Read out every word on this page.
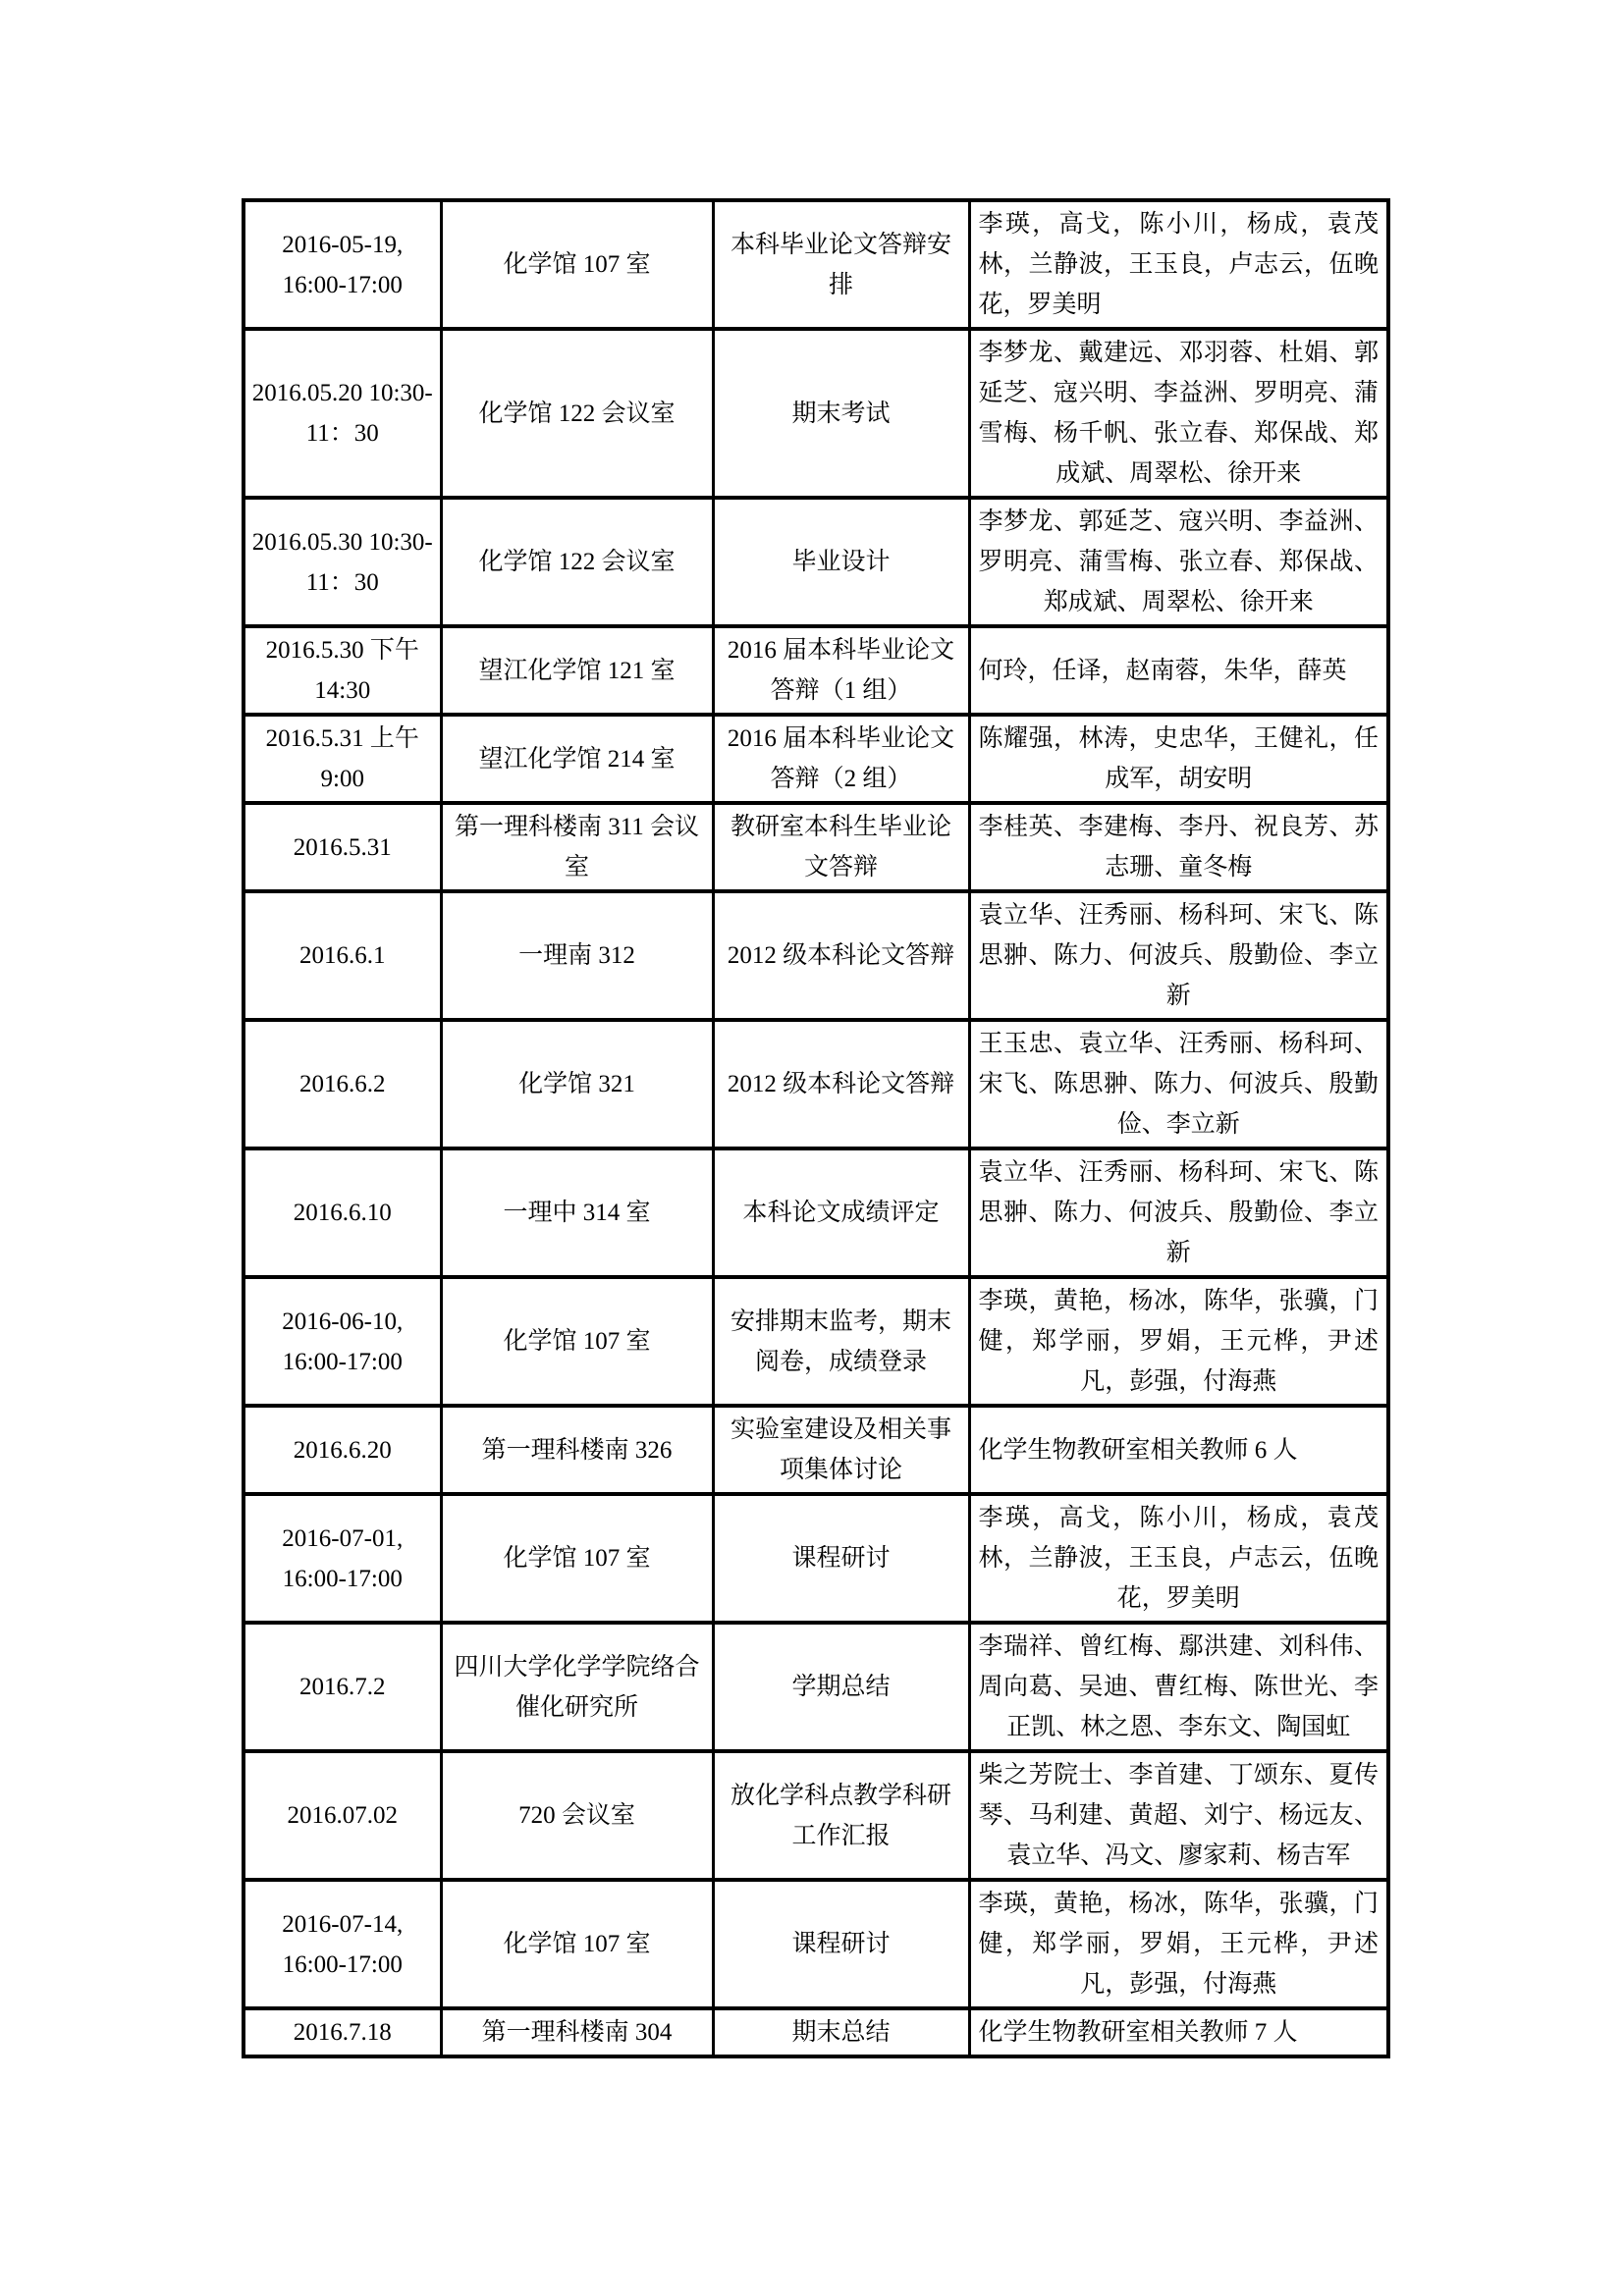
2016-05-19, 16:00-17:00	化学馆 107 室	本科毕业论文答辩安排	李瑛，高戈，陈小川，杨成，袁茂林，兰静波，王玉良，卢志云，伍晚花，罗美明
2016.05.20 10:30-11：30	化学馆 122 会议室	期末考试	李梦龙、戴建远、邓羽蓉、杜娟、郭延芝、寇兴明、李益洲、罗明亮、蒲雪梅、杨千帆、张立春、郑保战、郑成斌、周翠松、徐开来
2016.05.30 10:30-11：30	化学馆 122 会议室	毕业设计	李梦龙、郭延芝、寇兴明、李益洲、罗明亮、蒲雪梅、张立春、郑保战、郑成斌、周翠松、徐开来
2016.5.30 下午 14:30	望江化学馆 121 室	2016 届本科毕业论文答辩（1 组）	何玲，任译，赵南蓉，朱华，薛英
2016.5.31 上午 9:00	望江化学馆 214 室	2016 届本科毕业论文答辩（2 组）	陈耀强，林涛，史忠华，王健礼，任成军，胡安明
2016.5.31	第一理科楼南 311 会议室	教研室本科生毕业论文答辩	李桂英、李建梅、李丹、祝良芳、苏志珊、童冬梅
2016.6.1	一理南 312	2012 级本科论文答辩	袁立华、汪秀丽、杨科珂、宋飞、陈思翀、陈力、何波兵、殷勤俭、李立新
2016.6.2	化学馆 321	2012 级本科论文答辩	王玉忠、袁立华、汪秀丽、杨科珂、宋飞、陈思翀、陈力、何波兵、殷勤俭、李立新
2016.6.10	一理中 314 室	本科论文成绩评定	袁立华、汪秀丽、杨科珂、宋飞、陈思翀、陈力、何波兵、殷勤俭、李立新
2016-06-10, 16:00-17:00	化学馆 107 室	安排期末监考，期末阅卷，成绩登录	李瑛，黄艳，杨冰，陈华，张骥，门健，郑学丽，罗娟，王元桦，尹述凡，彭强，付海燕
2016.6.20	第一理科楼南 326	实验室建设及相关事项集体讨论	化学生物教研室相关教师 6 人
2016-07-01, 16:00-17:00	化学馆 107 室	课程研讨	李瑛，高戈，陈小川，杨成，袁茂林，兰静波，王玉良，卢志云，伍晚花，罗美明
2016.7.2	四川大学化学学院络合催化研究所	学期总结	李瑞祥、曾红梅、鄢洪建、刘科伟、周向葛、吴迪、曹红梅、陈世光、李正凯、林之恩、李东文、陶国虹
2016.07.02	720 会议室	放化学科点教学科研工作汇报	柴之芳院士、李首建、丁颂东、夏传琴、马利建、黄超、刘宁、杨远友、袁立华、冯文、廖家莉、杨吉军
2016-07-14, 16:00-17:00	化学馆 107 室	课程研讨	李瑛，黄艳，杨冰，陈华，张骥，门健，郑学丽，罗娟，王元桦，尹述凡，彭强，付海燕
2016.7.18	第一理科楼南 304	期末总结	化学生物教研室相关教师 7 人
